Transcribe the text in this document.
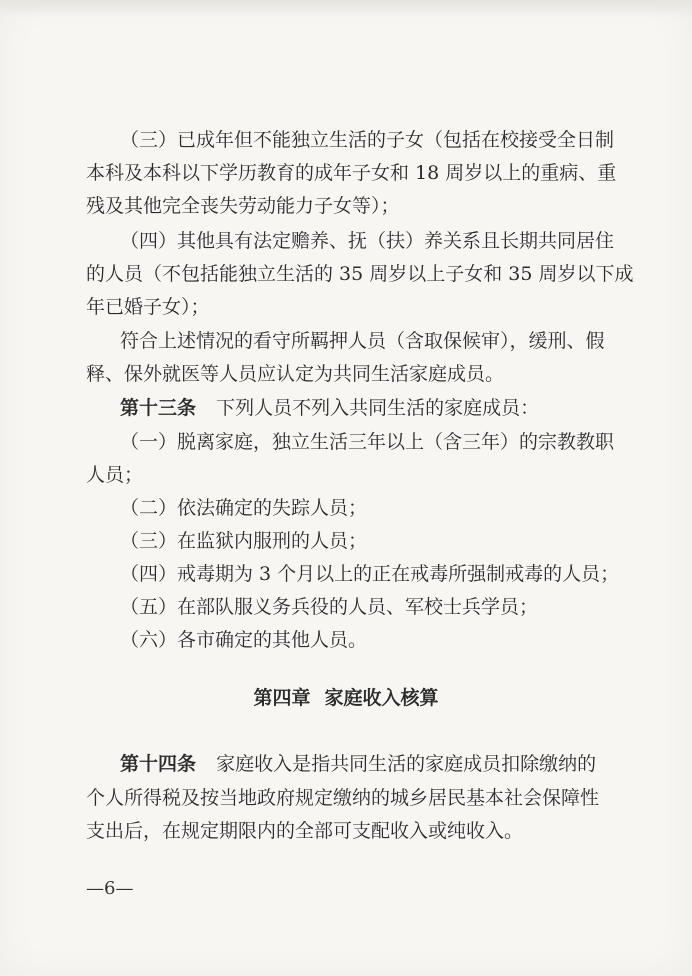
（三）已成年但不能独立生活的子女（包括在校接受全日制
本科及本科以下学历教育的成年子女和 18 周岁以上的重病、重
残及其他完全丧失劳动能力子女等）；
（四）其他具有法定赡养、抚（扶）养关系且长期共同居住
的人员（不包括能独立生活的 35 周岁以上子女和 35 周岁以下成
年已婚子女）；
符合上述情况的看守所羁押人员（含取保候审），缓刑、假
释、保外就医等人员应认定为共同生活家庭成员。
第十三条 下列人员不列入共同生活的家庭成员：
（一）脱离家庭，独立生活三年以上（含三年）的宗教教职
人员；
（二）依法确定的失踪人员；
（三）在监狱内服刑的人员；
（四）戒毒期为 3 个月以上的正在戒毒所强制戒毒的人员；
（五）在部队服义务兵役的人员、军校士兵学员；
（六）各市确定的其他人员。
第四章 家庭收入核算
第十四条 家庭收入是指共同生活的家庭成员扣除缴纳的
个人所得税及按当地政府规定缴纳的城乡居民基本社会保障性
支出后，在规定期限内的全部可支配收入或纯收入。
—6—
